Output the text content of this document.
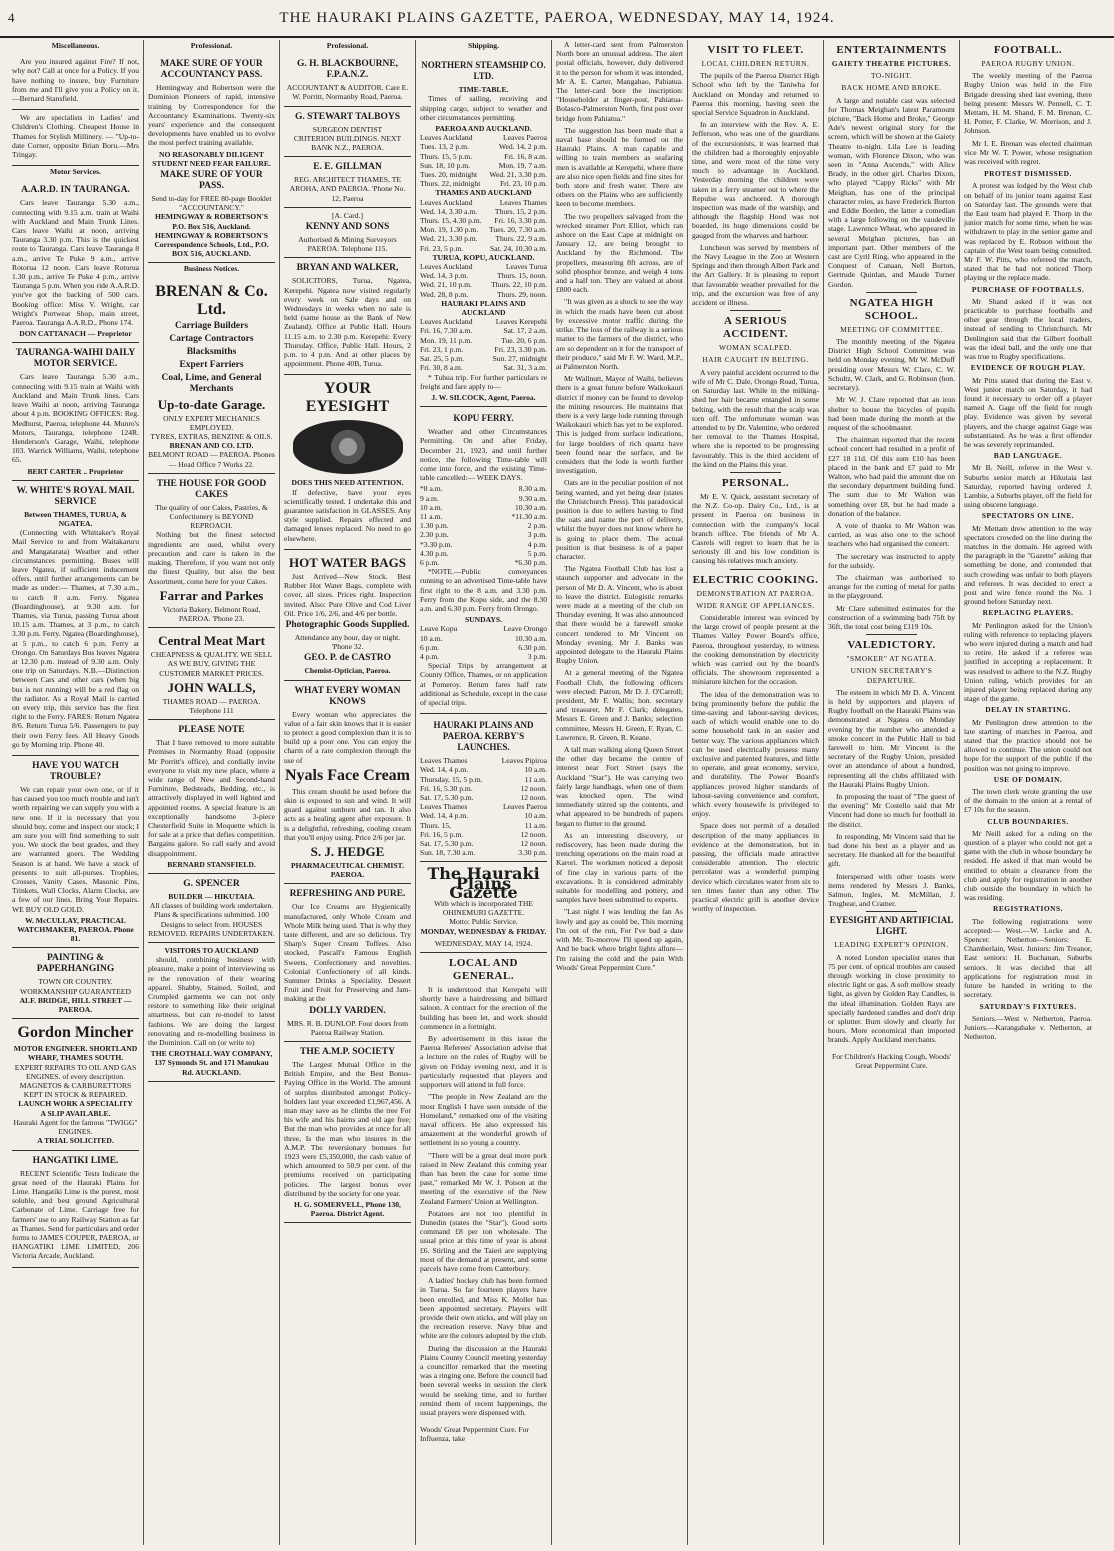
4	THE HAURAKI PLAINS GAZETTE, PAEROA, WEDNESDAY, MAY 14, 1924.
Miscellaneous.

Are you insured against Fire? If not, why not? Call at once for a Policy. If you have nothing to insure, buy Furniture from me and I'll give you a Policy on it.—Bernard Stansfield.

We are specialists in Ladies' and Children's Clothing. Cheapest House in Thames for Stylish Millinery. — "Up-to-date Corner, opposite Brian Boru.—Mrs Tringay.

Motor Services.
A.A.R.D. IN TAURANGA.

Cars leave Tauranga 5.30 a.m., connecting with 9.15 a.m. train at Waihi with Auckland and Main Trunk Lines. Cars leave Waihi at noon, arriving Tauranga 3.30 p.m. This is the quickest route to Tauranga. Cars leave Tauranga 8 a.m., arrive Te Puke 9 a.m., arrive Rotorua 12 noon. Cars leave Rotorua 1.30 p.m., arrive Te Puke 4 p.m., arrive Tauranga 5 p.m. When you ride A.A.R.D. you've got the backing of 500 cars. Booking office: Miss V. Wright, car Wright's Portwear Shop, main street, Paeroa. Tauranga A.A.R.D., Phone 174.

DON CATTANACH — Proprietor
TAURANGA-WAIHI DAILY MOTOR SERVICE.

Cars leave Tauranga 5.30 a.m., connecting with 9.15 train at Waihi with Auckland and Main Trunk lines. Cars leave Waihi at noon, arriving Tauranga about 4 p.m. BOOKING OFFICES: Reg. Medhurst, Paeroa, telephone 44. Munro's Motors, Tauranga, telephone 124R. Henderson's Garage, Waihi, telephone 103. Warrick Williams, Waihi, telephone 65.

BERT CARTER .. Proprietor
W. WHITE'S ROYAL MAIL SERVICE
Between THAMES, TURUA, & NGATEA.

(Connecting with Whittaker's Royal Mail Service to and from Waitakaruru and Mangatarata) Weather and other circumstances permitting. Buses will leave Ngatea, if sufficient inducement offers, until further arrangements can be made as under:— Thames, at 7.30 a.m., to catch 8 a.m. Ferry. Ngatea (Boardinghouse), at 9.30 a.m. for Thames, via Turua, passing Turua about 10.15 a.m. Thames, at 3 p.m., to catch 3.30 p.m. Ferry. Ngatea (Boardinghouse), at 5 p.m., to catch 6 p.m. Ferry at Orongo. On Saturdays Bus leaves Ngatea at 12.30 p.m. instead of 9.30 a.m. Only one trip on Saturdays. N.B.—Distinction between Cars and other cars (when big bus is not running) will be a red flag on the radiator. As a Royal Mail is carried on every trip, this service has the first right to the Ferry. FARES: Return Ngatea 8/6. Return Turua 5/6. Passengers to pay their own Ferry fees. All Heavy Goods go by Morning trip. Phone 40.

HAVE YOU WATCH TROUBLE?

We can repair your own one, or if it has caused you too much trouble and isn't worth repairing we can supply you with a new one. If it is necessary that you should buy, come and inspect our stock; I am sure you will find something to suit you. We stock the best grades, and they are warranted goers. The Wedding Season is at hand. We have a stock of presents to suit all-purses. Trophies, Crosses, Vanity Cases, Masonic Pins, Trinkets, Wall Clocks, Alarm Clocks, are a few of our lines. Bring Your Repairs. WE BUY OLD GOLD.

W. McCULLAY, PRACTICAL WATCHMAKER, PAEROA. Phone 81.
PAINTING & PAPERHANGING
TOWN OR COUNTRY. WORKMANSHIP GUARANTEED
ALF. BRIDGE, HILL STREET — PAEROA.
Gordon Mincher
MOTOR ENGINEER. SHORTLAND WHARF, THAMES SOUTH.
EXPERT REPAIRS TO OIL AND GAS ENGINES. of every description. MAGNETOS & CARBURETTORS KEPT IN STOCK & REPAIRED.
LAUNCH WORK A SPECIALITY
A SLIP AVAILABLE.
Hauraki Agent for the famous "TWIGG" ENGINES.
A TRIAL SOLICITED.
HANGATIKI LIME.

RECENT Scientific Tests Indicate the great need of the Hauraki Plains for Lime. Hangatiki Lime is the purest, most soluble, and best ground Agricultural Carbonate of Lime. Carriage free for farmers' use to any Railway Station as far as Thames. Send for particulars and order forms to JAMES COUPER, PAEROA, or HANGATIKI LIME LIMITED, 206 Victoria Arcade, Auckland.

Professional.
MAKE SURE OF YOUR ACCOUNTANCY PASS.

Hemingway and Robertson were the Dominion Pioneers of rapid, intensive training by Correspondence for the Accountancy Examinations. Twenty-six years' experience and the consequent developments have enabled us to evolve the most perfect training available.

NO REASONABLY DILIGENT STUDENT NEED FEAR FAILURE.
MAKE SURE OF YOUR PASS.
Send to-day for FREE 80-page Booklet "ACCOUNTANCY."
HEMINGWAY & ROBERTSON'S P.O. Box 516, Auckland.
HEMINGWAY & ROBERTSON'S Correspondence Schools, Ltd., P.O. BOX 516, AUCKLAND.
Business Notices.
BRENAN & Co. Ltd.
Carriage Builders
Cartage Contractors
Blacksmiths
Expert Farriers
Coal, Lime, and General Merchants
Up-to-date Garage.
ONLY EXPERT MECHANICS EMPLOYED.
TYRES, EXTRAS, BENZINE & OILS.
BRENAN AND CO. LTD.
BELMONT ROAD — PAEROA. Phones— Head Office 7 Works 22.
THE HOUSE FOR GOOD CAKES
The quality of our Cakes, Pastries, & Confectionery is BEYOND REPROACH.

Nothing but the finest selected ingredients are used, whilst every precaution and care is taken in the making. Therefore, if you want not only the finest Quality, but also the best Assortment, come here for your Cakes.

Farrar and Parkes
Victoria Bakery, Belmont Road, PAEROA. 'Phone 23.
Central Meat Mart
CHEAPNESS & QUALITY. WE SELL AS WE BUY, GIVING THE CUSTOMER MARKET PRICES.
JOHN WALLS,
THAMES ROAD — PAEROA. Telephone 111
PLEASE NOTE

That I have removed to more suitable Premises in Normanby Road (opposite Mr Porritt's office), and cordially invite everyone to visit my new place, where a wide range of New and Second-hand Furniture, Bedsteads, Bedding, etc., is attractively displayed in well lighted and appointed rooms. A special feature is an exceptionally handsome 3-piece Chesterfield Suite in Moquette which is for sale at a price that defies competition. Bargains galore. So call early and avoid disappointment.

BERNARD STANSFIELD.
G. SPENCER
BUILDER — HIKUTAIA.
All classes of building work undertaken. Plans & specifications submitted. 100 Designs to select from. HOUSES REMOVED. REPAIRS UNDERTAKEN.
VISITORS TO AUCKLAND

should, combining business with pleasure, make a point of interviewing us re the renovation of their wearing apparel. Shabby, Stained, Soiled, and Crumpled garments we can not only restore to something like their original smartness, but can re-model to latest fashions. We are doing the largest renovating and re-modelling business in the Dominion. Call on (or write to)

THE CROTHALL WAY COMPANY, 137 Symonds St. and 171 Manukau Rd. AUCKLAND.
Professional.
G. H. BLACKBOURNE, F.P.A.N.Z.
ACCOUNTANT & AUDITOR. Care E. W. Porritt, Normanby Road, Paeroa.
G. STEWART TALBOYS
SURGEON DENTIST
CRITERION BUILDINGS. NEXT BANK N.Z., PAEROA.
E. E. GILLMAN
REG. ARCHITECT THAMES, TE AROHA, AND PAEROA. 'Phone No. 12, Paeroa
[A. Card.]
KENNY AND SONS
Authorised & Mining Surveyors PAEROA. Telephone 115.
BRYAN AND WALKER,

SOLICITORS, Turua, Ngatea, Kerepehi. Ngatea now visited regularly every week on Sale days and on Wednesdays in weeks when no sale is held (same house as the Bank of New Zealand). Office at Public Hall. Hours 11.15 a.m. to 2.30 p.m. Kerepehi: Every Thursday. Office, Public Hall. Hours, 2 p.m. to 4 p.m. And at other places by appointment. Phone 40B, Turua.

YOUR EYESIGHT
DOES THIS NEED ATTENTION.

If defective, have your eyes scientifically tested. I undertake this and guarantee satisfaction in GLASSES. Any style supplied. Repairs effected and damaged lenses replaced. No need to go elsewhere.

HOT WATER BAGS

Just Arrived—New Stock. Best Rubber Hot Water Bags, complete with cover, all sizes. Prices right. Inspection invited. Also: Pure Olive and Cod Liver Oil. Price 1/6, 2/6, and 4/6 per bottle.

Photographic Goods Supplied.
Attendance any hour, day or night. 'Phone 32.
GEO. P. de CASTRO
Chemist-Optician, Paeroa.
WHAT EVERY WOMAN KNOWS

Every woman who appreciates the value of a fair skin knows that it is easier to protect a good complexion than it is to build up a poor one. You can enjoy the charm of a rare complexion through the use of

Nyals Face Cream

This cream should be used before the skin is exposed to sun and wind. It will guard against sunburn and tan. It also acts as a healing agent after exposure. It is a delightful, refreshing, cooling cream that you'll enjoy using. Price 2/6 per jar.

S. J. HEDGE
PHARMACEUTICAL CHEMIST. PAEROA.
REFRESHING AND PURE.

Our Ice Creams are Hygienically manufactured, only Whole Cream and Whole Milk being used. That is why they taste different, and are so delicious. Try Sharp's Super Cream Toffees. Also stocked, Pascall's Famous English Sweets, Confectionery and novelties. Colonial Confectionery of all kinds. Summer Drinks a Speciality. Dessert Fruit and Fruit for Preserving and Jam-making at the

DOLLY VARDEN.
MRS. R. B. DUNLOP. Four doors from Paeroa Railway Station.
THE A.M.P. SOCIETY

The Largest Mutual Office in the British Empire, and the Best Bonus-Paying Office in the World. The amount of surplus distributed amongst Policy-holders last year exceeded £1,967,456. A man may save as he climbs the tree For his wife and his bairns and old age free; But the man who provides at once for all three, Is the man who insures in the A.M.P. The reversionary bonuses for 1923 were £5,350,000, the cash value of which amounted to 50.9 per cent. of the premiums received on participating policies. The largest bonus ever distributed by the society for one year.

H. G. SOMERVELL, Phone 130, Paeroa. District Agent.
Shipping.
NORTHERN STEAMSHIP CO. LTD.
TIME-TABLE.

Times of sailing, receiving and shipping cargo, subject to weather and other circumstances permitting.

PAEROA AND AUCKLAND.
Leaves Auckland	Leaves Paeroa
Tues. 13, 2 p.m.	Wed. 14, 2 p.m.
Thurs. 15, 5 p.m.	Fri. 16, 8 a.m.
Sun. 18, 10 p.m.	Mon. 19, 7 a.m.
Tues. 20, midnight Wed. 21, 3.30 p.m.
Thurs. 22, midnight	Fri. 23, 10 p.m.
THAMES AND AUCKLAND
Leaves Auckland	Leaves Thames
Wed. 14, 3.30 a.m. Thurs. 15, 2 p.m.
Thurs. 15, 4.30 p.m. Fri. 16, 3.30 p.m.
Mon. 19, 1.30 p.m. Tues. 20, 7.30 a.m.
Wed. 21, 3.30 p.m. Thurs. 22, 9 a.m.
Fri. 23, 5 p.m.	Sat. 24, 10.30 a.m.
TURUA, KOPU, AUCKLAND.
Leaves Auckland	Leaves Turua
Wed. 14, 3 p.m.	Thurs. 15, noon.
Wed. 21, 10 p.m.	Thurs. 22, 10 p.m.
Wed. 28, 8 p.m.	Thurs. 29, noon.
HAURAKI PLAINS AND AUCKLAND
Leaves Auckland	Leaves Kerepehi
Fri. 16, 7.30 a.m.	Sat. 17, 2 a.m.
Mon. 19, 11 p.m.	Tue. 20, 6 p.m.
Fri. 23, 1 p.m.	Fri. 23, 3.30 p.m.
Sat. 25, 5 p.m.	Sun. 27, midnight
Fri. 30, 8 a.m.	Sat. 31, 3 a.m.

* Tuhua trip. For further particulars re freight and fare apply to—

J. W. SILCOCK, Agent, Paeroa.
KOPU FERRY.

Weather and other Circumstances Permitting. On and after Friday, December 21, 1923, and until further notice, the following Time-table will come into force, and the existing Time-table cancelled:— WEEK DAYS.

*8 a.m.	8.30 a.m.
9 a.m.	9.30 a.m.
10 a.m.	10.30 a.m.
11 a.m.	*11.30 a.m.
1.30 p.m.	2 p.m.
2.30 p.m.	3 p.m.
*3.30 p.m.	4 p.m.
4.30 p.m.	5 p.m.
6 p.m.	*6.30 p.m.

*NOTE.—Public conveyances running to an advertised Time-table have first right to the 8 a.m. and 3.30 p.m. Ferry from the Kopu side, and the 8.30 a.m. and 6.30 p.m. Ferry from Orongo.

SUNDAYS.
Leave Kopu	Leave Orongo
10 a.m.	10.30 a.m.
6 p.m.	6.30 p.m.
4 p.m.	3 p.m.

Special Trips by arrangement at County Office, Thames, or on application at Pomeroy. Return fares half rate additional as Schedule, except in the case of special trips.

HAURAKI PLAINS AND PAEROA. KERBY'S LAUNCHES.
Leaves Thames	Leaves Pipiroa
Wed. 14, 4 p.m.	10 a.m.
Thursday, 15, 5 p.m.	11 a.m.
Fri. 16, 5.30 p.m.	12 noon.
Sat. 17, 5.30 p.m.	12 noon.
Leaves Thames	Leaves Paeroa
Wed. 14, 4 p.m.	10 a.m.
Thurs. 15,	11 a.m.
Fri. 16, 5 p.m.	12 noon.
Sat. 17, 5.30 p.m.	12 noon.
Sun. 18, 7.30 a.m.	3.30 p.m.
The Hauraki Plains Gazette
With which is incorporated THE OHINEMURI GAZETTE.
Motto: Public Service.
MONDAY, WEDNESDAY & FRIDAY.
WEDNESDAY, MAY 14, 1924.
LOCAL AND GENERAL.

It is understood that Kerepehi will shortly have a hairdressing and billiard saloon. A contract for the erection of the building has been let, and work should commence in a fortnight.

By advertisement in this issue the Paeroa Referees' Association advise that a lecture on the rules of Rugby will be given on Friday evening next, and it is particularly requested that players and supporters will attend in full force.

"The people in New Zealand are the most English I have seen outside of the Homeland," remarked one of the visiting naval officers. He also expressed his amazement at the wonderful growth of settlement in so young a country.

"There will be a great deal more pork raised in New Zealand this coming year than has been the case for some time past," remarked Mr W. J. Poison at the meeting of the executive of the New Zealand Farmers' Union at Wellington.

Potatoes are not too plentiful in Dunedin (states the "Star"). Good sorts command £8 per ton wholesale. The usual price at this time of year is about £6. Stirling and the Taieri are supplying most of the demand at present, and some parcels have come from Canterbury.

A ladies' hockey club has been formed in Turua. So far fourteen players have been enrolled, and Miss K. Moller has been appointed secretary. Players will provide their own sticks, and will play on the recreation reserve. Navy blue and white are the colours adopted by the club.

During the discussion at the Hauraki Plains County Council meeting yesterday a councillor remarked that the meeting was a ringing one. Before the council had been several weeks in session the clerk would be seeking time, and to further remind them of recent happenings, the usual prayers were dispensed with.

Woods' Great Peppermint Cure. For Influenza, take

A letter-card sent from Palmerston North bore an unusual address. The alert postal officials, however, duly delivered it to the person for whom it was intended, Mr A. E. Carter, Mangahao, Pahiatua. The letter-card bore the inscription: "Householder at finger-post, Pahiatua-Bolasco-Palmerston North, first post over bridge from Pahiatua."

The suggestion has been made that a naval base should be formed on the Hauraki Plains. A man capable and willing to train members as seafaring men is available at Kerepehi, where there are also nice open fields and fine sites for both store and fresh water. There are others on the Plains who are sufficiently keen to become members.

The two propellers salvaged from the wrecked steamer Port Elliot, which ran ashore on the East Cape at midnight on January 12, are being brought to Auckland by the Richmond. The propellers, measuring 8ft across, are of solid phosphor bronze, and weigh 4 tons and a half ton. They are valued at about £800 each.

"It was given as a shock to see the way in which the roads have been cut about by excessive motor traffic during the strike. The loss of the railway is a serious matter to the farmers of the district, who are so dependent on it for the transport of their produce," said Mr F. W. Ward, M.P., at Palmerston North.

Mr Wallnutt, Mayor of Waihi, believes there is a great future before Waikokauri district if money can be found to develop the mining resources. He maintains that there is a very large lode running through Waikokauri which has yet to be explored. This is judged from surface indications, for large boulders of rich quartz have been found near the surface, and he considers that the lode is worth further investigation.

Oats are in the peculiar position of not being wanted, and yet being dear (states the Christchurch Press). This paradoxical position is due to sellers having to find the oats and name the port of delivery, whilst the buyer does not know where he is going to place them. The actual position is that business is of a paper character.

The Ngatea Football Club has lost a staunch supporter and advocate in the person of Mr D. A. Vincent, who is about to leave the district. Eulogistic remarks were made at a meeting of the club on Thursday evening. It was also announced that there would be a farewell smoke concert tendered to Mr Vincent on Monday evening. Mr J. Banks was appointed delegate to the Hauraki Plains Rugby Union.

At a general meeting of the Ngatea Football Club, the following officers were elected: Patron, Mr D. J. O'Carroll; president, Mr F. Wallis; hon. secretary and treasurer, Mr F. Clark; delegates, Messrs E. Green and J. Banks; selection committee, Messrs H. Green, F. Ryan, C. Lawrence, R. Green, R. Keane.

A tall man walking along Queen Street the other day became the centre of interest near Fort Street (says the Auckland "Star"). He was carrying two fairly large handbags, when one of them was knocked open. The wind immediately stirred up the contents, and what appeared to be hundreds of papers began to flutter to the ground.

As an interesting discovery, or rediscovery, has been made during the trenching operations on the main road at Karori. The workmen noticed a deposit of fine clay in various parts of the excavations. It is considered admirably suitable for modelling and pottery, and samples have been submitted to experts.

"Last night I was lending the fan As lowly and gay as could be, This morning I'm out of the run, For I've bad a date with Mr. To-morrow I'll speed up again, And be back where bright lights allure— I'm raising the cold and the pain With Woods' Great Peppermint Cure."

VISIT TO FLEET.
LOCAL CHILDREN RETURN.

The pupils of the Paeroa District High School who left by the Taniwha for Auckland on Monday and returned to Paeroa this morning, having seen the special Service Squadron in Auckland.

In an interview with the Rev. A. E. Jefferson, who was one of the guardians of the excursionists, it was learned that the children had a thoroughly enjoyable time, and were most of the time very much to advantage in Auckland. Yesterday morning the children were taken in a ferry steamer out to where the Repulse was anchored. A thorough inspection was made of the warship, and although the flagship Hood was not boarded, its huge dimensions could be gauged from the wharves and harbour.

Luncheon was served by members of the Navy League in the Zoo at Western Springs and then through Albert Park and the Art Gallery. It is pleasing to report that favourable weather prevailed for the trip, and the excursion was free of any accident or illness.

A SERIOUS ACCIDENT.
WOMAN SCALPED.
HAIR CAUGHT IN BELTING.

A very painful accident occurred to the wife of Mr C. Dale, Orongo Road, Turua, on Saturday last. While in the milking-shed her hair became entangled in some belting, with the result that the scalp was torn off. The unfortunate woman was attended to by Dr. Valentine, who ordered her removal to the Thames Hospital, where she is reported to be progressing favourably. This is the third accident of the kind on the Plains this year.

PERSONAL.

Mr E. V. Quick, assistant secretary of the N.Z. Co-op. Dairy Co., Ltd., is at present in Paeroa on business in connection with the company's local branch office. The friends of Mr A. Casrels will regret to learn that he is seriously ill and his low condition is causing his relatives much anxiety.

ELECTRIC COOKING.
DEMONSTRATION AT PAEROA.
WIDE RANGE OF APPLIANCES.

Considerable interest was evinced by the large crowd of people present at the Thames Valley Power Board's office, Paeroa, throughout yesterday, to witness the cooking demonstration by electricity which was carried out by the board's officials. The showroom represented a miniature kitchen for the occasion.

The idea of the demonstration was to bring prominently before the public the time-saving and labour-saving devices, each of which would enable one to do some household task in an easier and better way. The various appliances which can be used electrically possess many exclusive and patented features, and little to operate, and great economy, service, and durability. The Power Board's appliances proved higher standards of labour-saving convenience and comfort, which every housewife is privileged to enjoy.

Space does not permit of a detailed description of the many appliances in evidence at the demonstration, but in passing, the officials made attractive considerable attention. The electric percolator was a wonderful pumping device which circulates water from six to ten times faster than any other. The practical electric grill is another device worthy of inspection.

ENTERTAINMENTS
GAIETY THEATRE PICTURES.
TO-NIGHT.
BACK HOME AND BROKE.

A large and notable cast was selected for Thomas Meighan's latest Paramount picture, "Back Home and Broke," George Ade's newest original story for the screen, which will be shown at the Gaiety Theatre to-night. Lila Lee is leading woman, with Florence Dixon, who was seen in "Anna Ascends," with Alice Brady, in the other girl. Charles Dixon, who played "Cappy Ricks" with Mr Meighan, has one of the principal character roles, as have Frederick Burton and Eddie Borden, the latter a comedian with a large following on the vaudeville stage. Lawrence Wheat, who appeared in several Meighan pictures, has an important part. Other members of the cast are Cyril Ring, who appeared in the Conquest of Canaan, Nell Burton, Gertrude Quinlan, and Maude Turner Gordon.

NGATEA HIGH SCHOOL.
MEETING OF COMMITTEE.

The monthly meeting of the Ngatea District High School Committee was held on Monday evening. Mr W. McDuff presiding over Messrs W. Clare, C. W. Schultz, W. Clark, and G. Robinson (hon. secretary).

Mr W. J. Clare reported that an iron shelter to house the bicycles of pupils had been made during the month at the request of the schoolmaster.

The chairman reported that the recent school concert had resulted in a profit of £27 18 11d. Of this sum £10 has been placed in the bank and £7 paid to Mr Walton, who had paid the amount due on the secondary department building fund. The sum due to Mr Walton was something over £8, but he had made a donation of the balance.

A vote of thanks to Mr Walton was carried, as was also one to the school teachers who had organised the concert.

The secretary was instructed to apply for the subsidy.

The chairman was authorised to arrange for the cutting of metal for paths in the playground.

Mr Clare submitted estimates for the construction of a swimming bath 75ft by 36ft, the total cost being £119 10s.

VALEDICTORY.
"SMOKER" AT NGATEA.
UNION SECRETARY'S DEPARTURE.

The esteem in which Mr D. A. Vincent is held by supporters and players of Rugby football on the Hauraki Plains was demonstrated at Ngatea on Monday evening by the number who attended a smoke concert in the Public Hall to bid farewell to him. Mr Vincent is the secretary of the Rugby Union, presided over an attendance of about a hundred, representing all the clubs affiliated with the Hauraki Plains Rugby Union.

In proposing the toast of "The guest of the evening" Mr Costello said that Mr Vincent had done so much for football in the district.

In responding, Mr Vincent said that he had done his best as a player and as secretary. He thanked all for the beautiful gift.

Interspersed with other toasts were items rendered by Messrs J. Banks, Salmon, Ingles, M. McMillan, J. Trughear, and Cramer.

EYESIGHT AND ARTIFICIAL LIGHT.
LEADING EXPERT'S OPINION.

A noted London specialist states that 75 per cent. of optical troubles are caused through working in close proximity to electric light or gas. A soft mellow steady light, as given by Golden Ray Candles, is the ideal illumination. Golden Rays are specially hardened candles and don't drip or splutter. Burn slowly and clearly for hours. More economical than imported brands. Apply Auckland merchants.

For Children's Hacking Cough, Woods' Great Peppermint Cure.

FOOTBALL.
PAEROA RUGBY UNION.

The weekly meeting of the Paeroa Rugby Union was held in the Fire Brigade dressing shed last evening, there being present: Messrs W. Pennell, C. T. Mettam, H. M. Shand, F. M. Brenan, C. H. Potter, F. Clarke, W. Morrison, and J. Johnson.

Mr I. E. Brenan was elected chairman vice Mr W. T. Power, whose resignation was received with regret.

PROTEST DISMISSED.

A protest was lodged by the West club on behalf of its junior team against East on Saturday last. The grounds were that the East team had played F. Thorp in the junior match for some time, when he was withdrawn to play in the senior game and was replaced by E. Robson without the captain of the West team being consulted. Mr F. W. Pitts, who refereed the match, stated that he had not noticed Thorp playing or the replace made.

PURCHASE OF FOOTBALLS.

Mr Shand asked if it was not practicable to purchase footballs and other gear through the local traders, instead of sending to Christchurch. Mr Denlington said that the Gilbert football was the ideal ball, and the only one that was true to Rugby specifications.

EVIDENCE OF ROUGH PLAY.

Mr Pitts stated that during the East v. West junior match on Saturday, it had found it necessary to order off a player named A. Gage off the field for rough play. Evidence was given by several players, and the charge against Gage was substantiated. As he was a first offender he was severely reprimanded.

BAD LANGUAGE.

Mr B. Neill, referee in the West v. Suburbs senior match at Hikutaia last Saturday, reported having ordered J. Lambie, a Suburbs player, off the field for using obscene language.

SPECTATORS ON LINE.

Mr Mettam drew attention to the way spectators crowded on the line during the matches in the domain. He agreed with the paragraph in the "Gazette" asking that something be done, and contended that such crowding was unfair to both players and referees. It was decided to erect a post and wire fence round the No. 1 ground before Saturday next.

REPLACING PLAYERS.

Mr Penlington asked for the Union's ruling with reference to replacing players who were injured during a match and had to retire. He asked if a referee was justified in accepting a replacement. It was resolved to adhere to the N.Z. Rugby Union ruling, which provides for an injured player being replaced during any stage of the game.

DELAY IN STARTING.

Mr Penlington drew attention to the late starting of matches in Paeroa, and stated that the practice should not be allowed to continue. The union could not hope for the support of the public if the position was not going to improve.

USE OF DOMAIN.

The town clerk wrote granting the use of the domain to the union at a rental of £7 10s for the season.

CLUB BOUNDARIES.

Mr Neill asked for a ruling on the question of a player who could not get a game with the club in whose boundary he resided. He asked if that man would be entitled to obtain a clearance from the club and apply for registration in another club outside the boundary in which he was residing.

REGISTRATIONS.

The following registrations were accepted:— West.—W. Locke and A. Spencer. Netherton—Seniors: E. Chamberlain, West. Juniors: Jim Treanor, East seniors: H. Buchanan, Suburbs seniors. It was decided that all applications for registration must in future be handed in writing to the secretary.

SATURDAY'S FIXTURES.

Seniors.—West v. Netherton, Paeroa. Juniors.—Karangahake v. Netherton, at Netherton.
